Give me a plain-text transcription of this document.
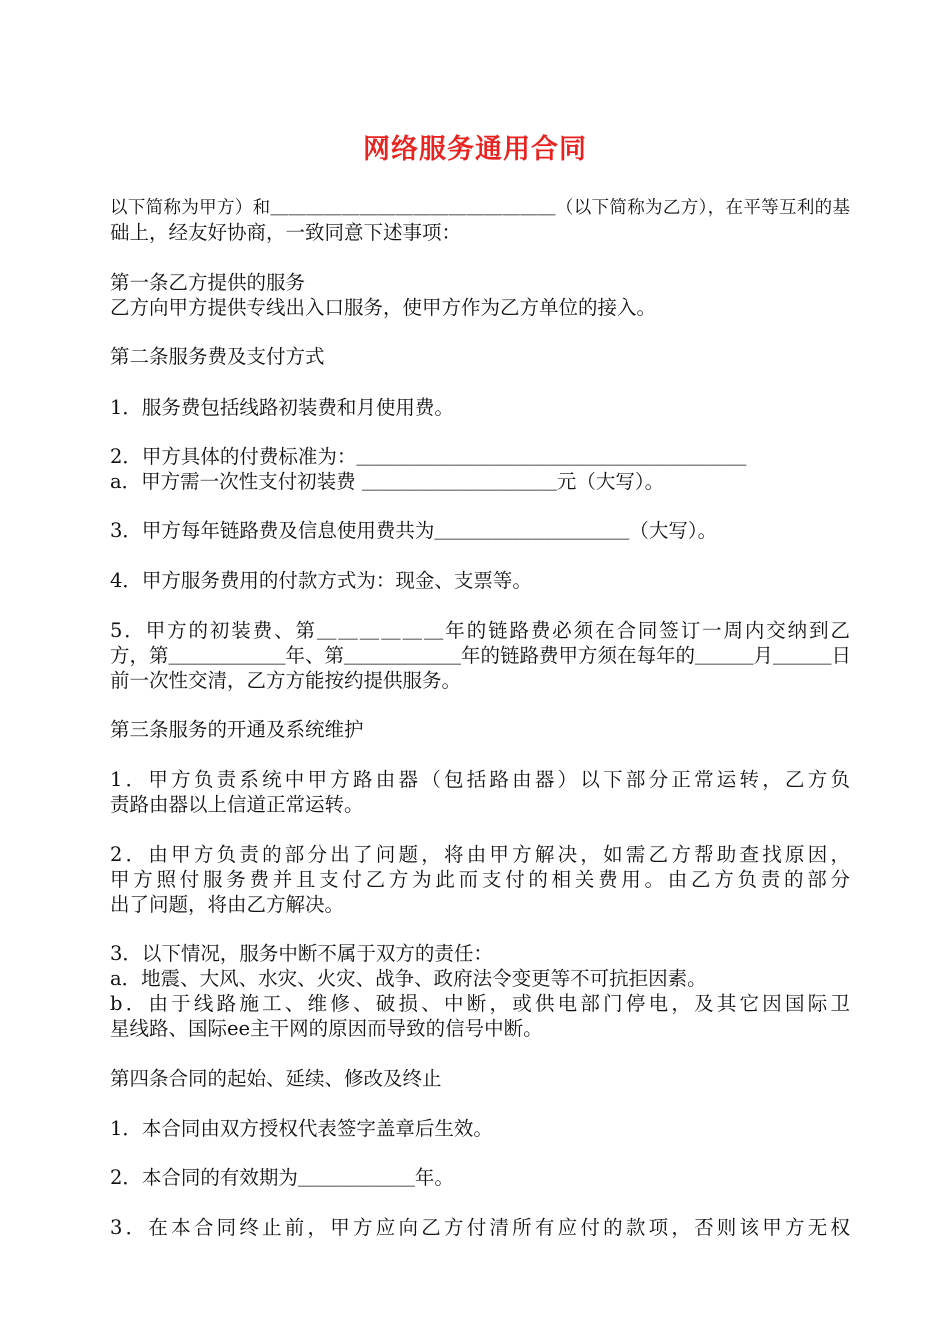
网络服务通用合同
以下简称为甲方）和＿＿＿＿＿＿＿＿＿＿＿＿＿＿＿＿（以下简称为乙方），在平等互利的基
础上，经友好协商，一致同意下述事项：
第一条乙方提供的服务
乙方向甲方提供专线出入口服务，使甲方作为乙方单位的接入。
第二条服务费及支付方式
1．服务费包括线路初装费和月使用费。
2．甲方具体的付费标准为：＿＿＿＿＿＿＿＿＿＿＿＿＿＿＿＿＿＿＿＿
a．甲方需一次性支付初装费 ＿＿＿＿＿＿＿＿＿＿元（大写）。
3．甲方每年链路费及信息使用费共为＿＿＿＿＿＿＿＿＿＿（大写）。
4．甲方服务费用的付款方式为：现金、支票等。
5．甲方的初装费、第＿＿＿＿＿＿年的链路费必须在合同签订一周内交纳到乙
方，第＿＿＿＿＿＿年、第＿＿＿＿＿＿年的链路费甲方须在每年的＿＿＿月＿＿＿日
前一次性交清，乙方方能按约提供服务。
第三条服务的开通及系统维护
1．甲方负责系统中甲方路由器（包括路由器）以下部分正常运转，乙方负
责路由器以上信道正常运转。
2．由甲方负责的部分出了问题，将由甲方解决，如需乙方帮助查找原因，
甲方照付服务费并且支付乙方为此而支付的相关费用。由乙方负责的部分
出了问题，将由乙方解决。
3．以下情况，服务中断不属于双方的责任：
a．地震、大风、水灾、火灾、战争、政府法令变更等不可抗拒因素。
b．由于线路施工、维修、破损、中断，或供电部门停电，及其它因国际卫
星线路、国际ee主干网的原因而导致的信号中断。
第四条合同的起始、延续、修改及终止
1．本合同由双方授权代表签字盖章后生效。
2．本合同的有效期为＿＿＿＿＿＿年。
3．在本合同终止前，甲方应向乙方付清所有应付的款项，否则该甲方无权
